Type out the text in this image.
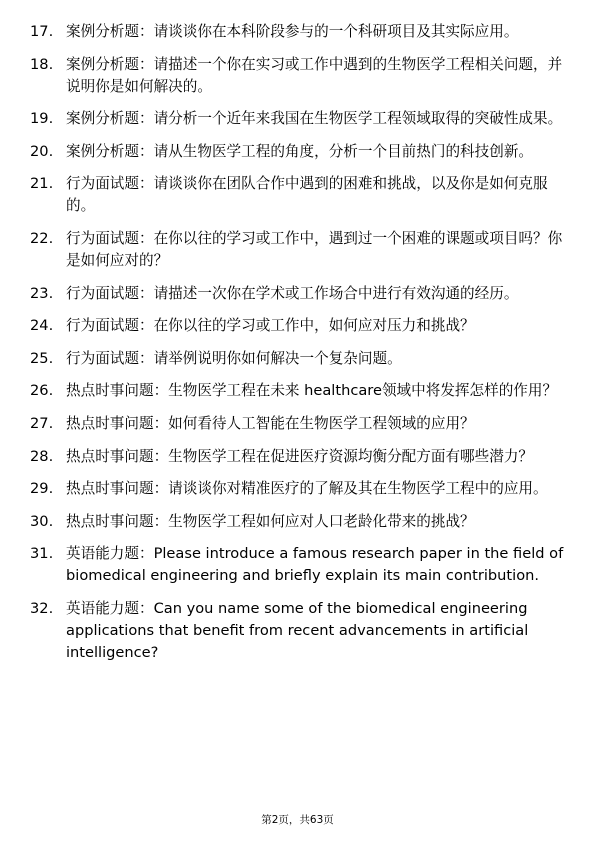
17. 案例分析题：请谈谈你在本科阶段参与的一个科研项目及其实际应用。
18. 案例分析题：请描述一个你在实习或工作中遇到的生物医学工程相关问题，并说明你是如何解决的。
19. 案例分析题：请分析一个近年来我国在生物医学工程领域取得的突破性成果。
20. 案例分析题：请从生物医学工程的角度，分析一个目前热门的科技创新。
21. 行为面试题：请谈谈你在团队合作中遇到的困难和挑战，以及你是如何克服的。
22. 行为面试题：在你以往的学习或工作中，遇到过一个困难的课题或项目吗？你是如何应对的？
23. 行为面试题：请描述一次你在学术或工作场合中进行有效沟通的经历。
24. 行为面试题：在你以往的学习或工作中，如何应对压力和挑战？
25. 行为面试题：请举例说明你如何解决一个复杂问题。
26. 热点时事问题：生物医学工程在未来 healthcare领域中将发挥怎样的作用？
27. 热点时事问题：如何看待人工智能在生物医学工程领域的应用？
28. 热点时事问题：生物医学工程在促进医疗资源均衡分配方面有哪些潜力？
29. 热点时事问题：请谈谈你对精准医疗的了解及其在生物医学工程中的应用。
30. 热点时事问题：生物医学工程如何应对人口老龄化带来的挑战？
31. 英语能力题：Please introduce a famous research paper in the field of biomedical engineering and briefly explain its main contribution.
32. 英语能力题：Can you name some of the biomedical engineering applications that benefit from recent advancements in artificial intelligence?
第2页，共63页
